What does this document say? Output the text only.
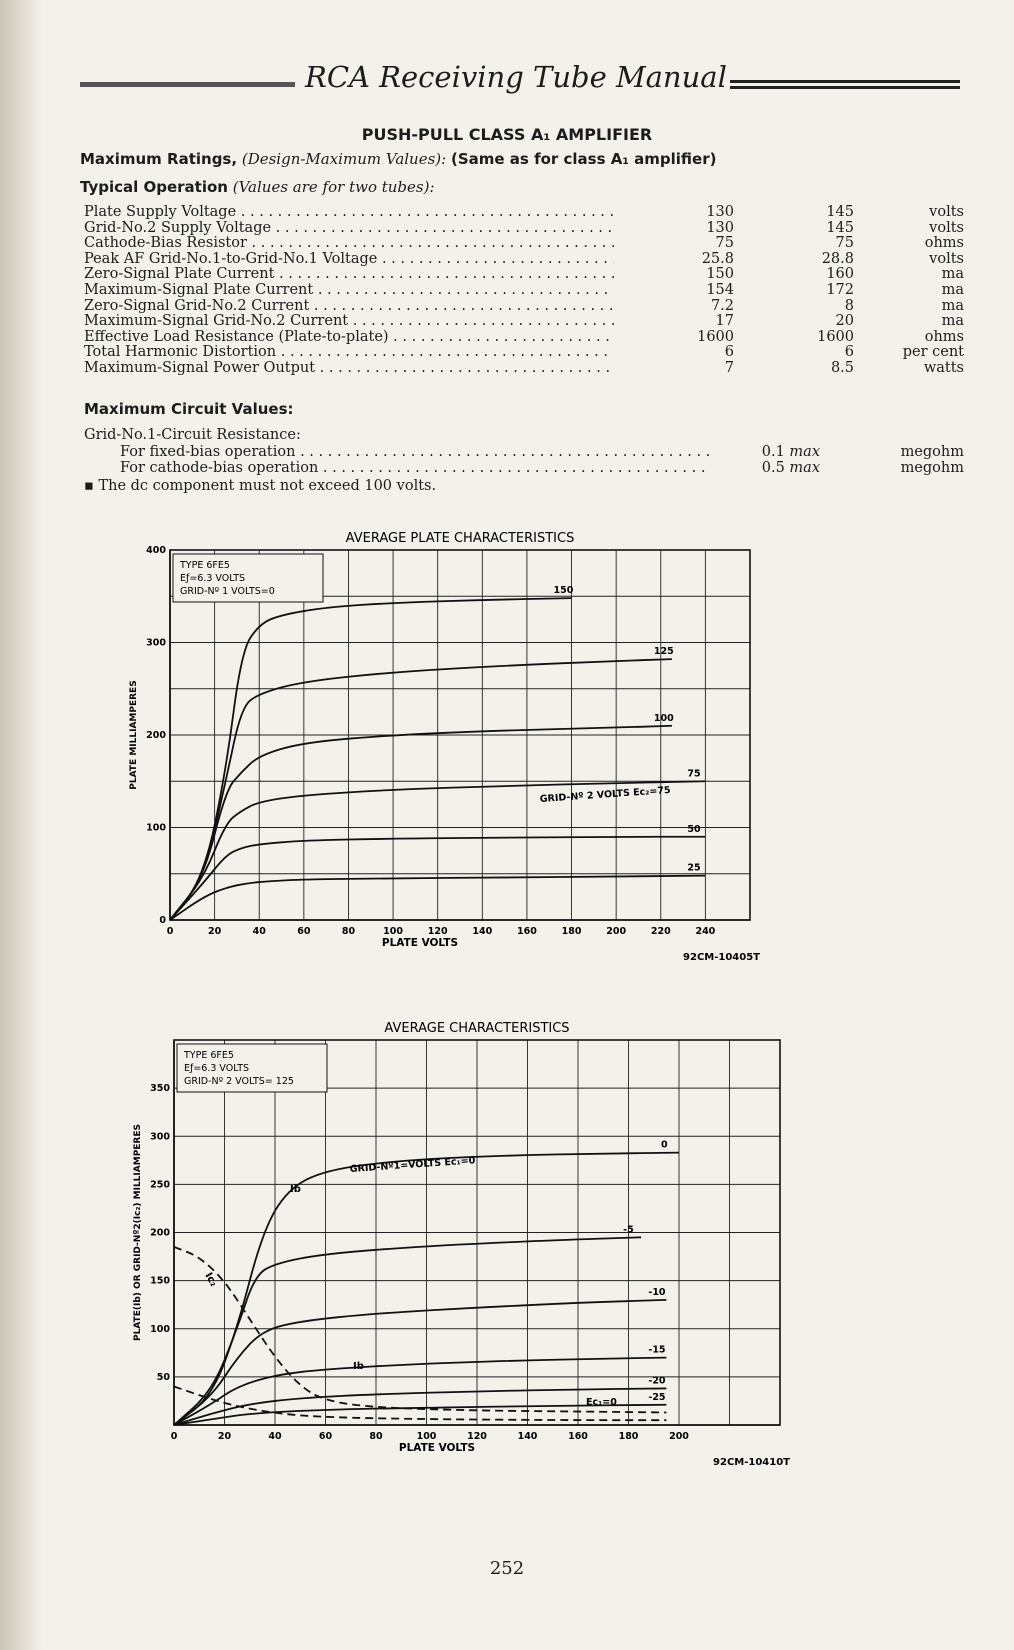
RCA Receiving Tube Manual
PUSH-PULL CLASS A₁ AMPLIFIER
Maximum Ratings, (Design-Maximum Values): (Same as for class A₁ amplifier)
Typical Operation (Values are for two tubes):
Plate Supply Voltage . . .	130	145	volts
Grid-No.2 Supply Voltage . . .	130	145	volts
Cathode-Bias Resistor . . .	75	75	ohms
Peak AF Grid-No.1-to-Grid-No.1 Voltage . . .	25.8	28.8	volts
Zero-Signal Plate Current . . .	150	160	ma
Maximum-Signal Plate Current . . .	154	172	ma
Zero-Signal Grid-No.2 Current . . .	7.2	8	ma
Maximum-Signal Grid-No.2 Current . . .	17	20	ma
Effective Load Resistance (Plate-to-plate) . . .	1600	1600	ohms
Total Harmonic Distortion . . .	6	6	per cent
Maximum-Signal Power Output . . .	7	8.5	watts
Maximum Circuit Values:
Grid-No.1-Circuit Resistance:
For fixed-bias operation . . .	0.1 max	megohm
For cathode-bias operation . . .	0.5 max	megohm
▪ The dc component must not exceed 100 volts.
AVERAGE PLATE CHARACTERISTICS
0	20	40	60	80	100	120	140	160	180	200	220	240
0
100
200
300
400
PLATE VOLTS
PLATE MILLIAMPERES
TYPE 6FE5
Eƒ=6.3 VOLTS
GRID-Nº 1 VOLTS=0
92CM-10405T
150
125
100
75
50
25
GRID-Nº 2 VOLTS Ec₂=75
AVERAGE CHARACTERISTICS
0	20	40	60	80	100	120	140	160	180	200
50
100
150
200
250
300
350
PLATE VOLTS
PLATE(Ib) OR GRID-Nº2(Ic₂) MILLIAMPERES
TYPE 6FE5
Eƒ=6.3 VOLTS
GRID-Nº 2 VOLTS= 125
92CM-10410T
0
-5
-10
-15
-20
-25
GRID-Nº1=VOLTS Ec₁=0
Ib
Ic₂
Ib
Ec₁=0
252
